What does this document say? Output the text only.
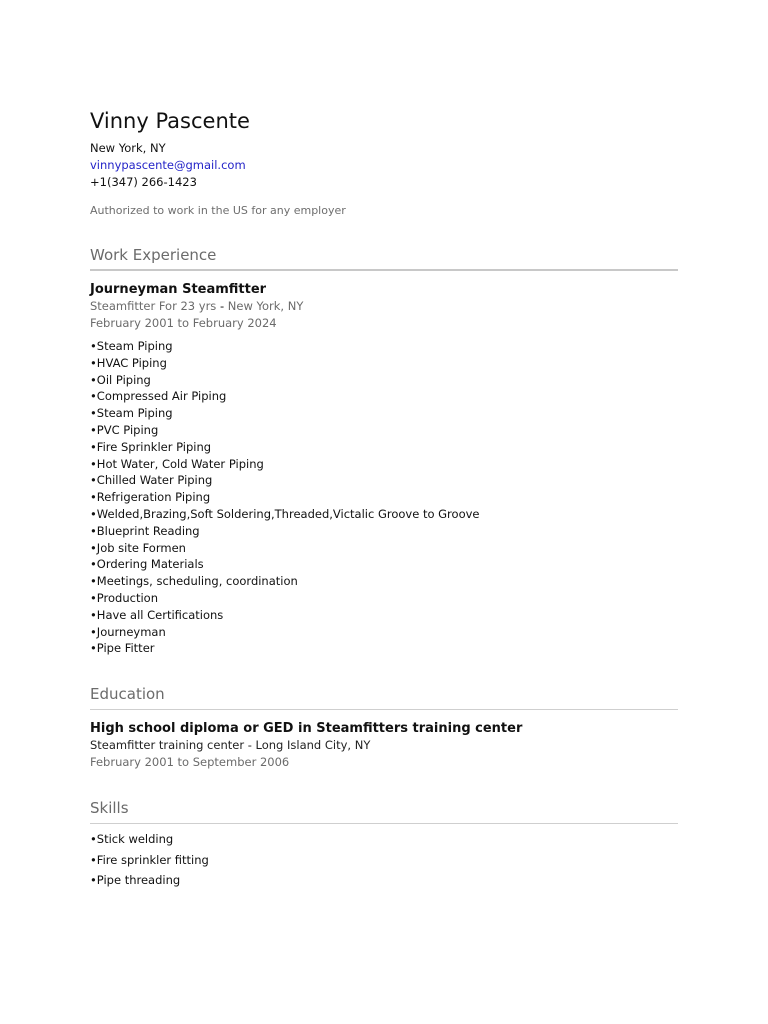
Vinny Pascente
New York, NY
vinnypascente@gmail.com
+1(347) 266-1423
Authorized to work in the US for any employer
Work Experience
Journeyman Steamfitter
Steamfitter For 23 yrs - New York, NY
February 2001 to February 2024
• Steam Piping
• HVAC Piping
• Oil Piping
• Compressed Air Piping
• Steam Piping
• PVC Piping
• Fire Sprinkler Piping
• Hot Water, Cold Water Piping
• Chilled Water Piping
• Refrigeration Piping
• Welded,Brazing,Soft Soldering,Threaded,Victalic Groove to Groove
• Blueprint Reading
• Job site Formen
• Ordering Materials
• Meetings, scheduling, coordination
• Production
• Have all Certifications
• Journeyman
• Pipe Fitter
Education
High school diploma or GED in Steamfitters training center
Steamfitter training center - Long Island City, NY
February 2001 to September 2006
Skills
• Stick welding
• Fire sprinkler fitting
• Pipe threading
